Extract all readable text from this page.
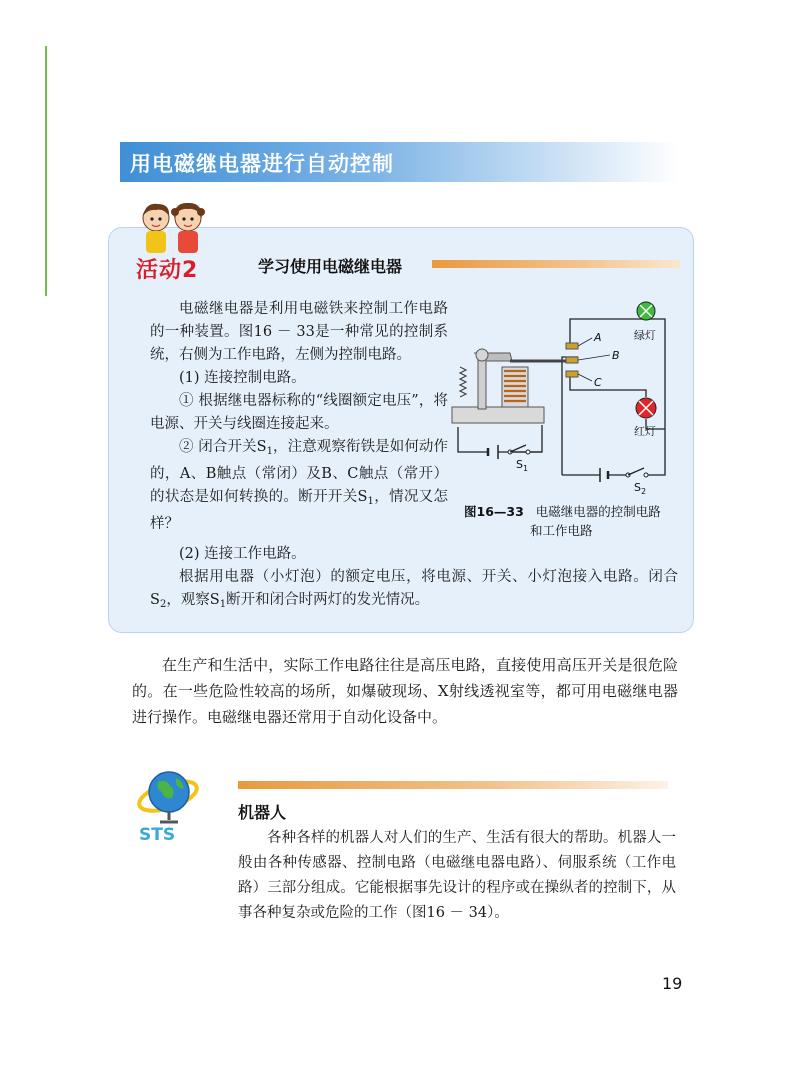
用电磁继电器进行自动控制
活动2	学习使用电磁继电器
电磁继电器是利用电磁铁来控制工作电路的一种装置。图16 － 33是一种常见的控制系统，右侧为工作电路，左侧为控制电路。
(1) 连接控制电路。
① 根据继电器标称的“线圈额定电压”，将电源、开关与线圈连接起来。
② 闭合开关$S_1$，注意观察衔铁是如何动作的，A、B触点（常闭）及B、C触点（常开）的状态是如何转换的。断开开关$S_1$，情况又怎样？
(2) 连接工作电路。
根据用电器（小灯泡）的额定电压，将电源、开关、小灯泡接入电路。闭合$S_2$，观察$S_1$断开和闭合时两灯的发光情况。
A
B
C
绿灯
红灯
$S_1$
$S_2$
图16—33 电磁继电器的控制电路
和工作电路

在生产和生活中，实际工作电路往往是高压电路，直接使用高压开关是很危险的。在一些危险性较高的场所，如爆破现场、X射线透视室等，都可用电磁继电器进行操作。电磁继电器还常用于自动化设备中。

STS
机器人

各种各样的机器人对人们的生产、生活有很大的帮助。机器人一般由各种传感器、控制电路（电磁继电器电路）、伺服系统（工作电路）三部分组成。它能根据事先设计的程序或在操纵者的控制下，从事各种复杂或危险的工作（图16 － 34）。

19
